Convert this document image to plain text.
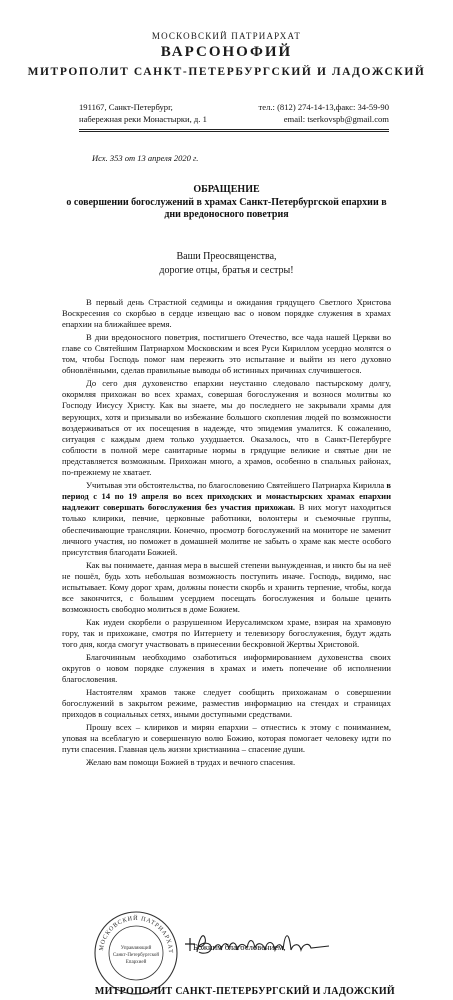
МОСКОВСКИЙ ПАТРИАРХАТ
ВАРСОНОФИЙ
МИТРОПОЛИТ САНКТ-ПЕТЕРБУРГСКИЙ И ЛАДОЖСКИЙ
191167, Санкт-Петербург,
набережная реки Монастырки, д. 1
тел.: (812) 274-14-13,факс: 34-59-90
email: tserkovspb@gmail.com
Исх. 353 от 13 апреля 2020 г.
ОБРАЩЕНИЕ
о совершении богослужений в храмах Санкт-Петербургской епархии в дни вредоносного поветрия
Ваши Преосвященства,
дорогие отцы, братья и сестры!

В первый день Страстной седмицы и ожидания грядущего Светлого Христова Воскресения со скорбью в сердце извещаю вас о новом порядке служения в храмах епархии на ближайшее время.

В дни вредоносного поветрия, постигшего Отечество, все чада нашей Церкви во главе со Святейшим Патриархом Московским и всея Руси Кириллом усердно молятся о том, чтобы Господь помог нам пережить это испытание и выйти из него духовно обновлёнными, сделав правильные выводы об истинных причинах случившегося.

До сего дня духовенство епархии неустанно следовало пастырскому долгу, окормляя прихожан во всех храмах, совершая богослужения и вознося молитвы ко Господу Иисусу Христу. Как вы знаете, мы до последнего не закрывали храмы для верующих, хотя и призывали во избежание большого скопления людей по возможности воздерживаться от их посещения в надежде, что эпидемия умалится. К сожалению, ситуация с каждым днем только ухудшается. Оказалось, что в Санкт-Петербурге соблюсти в полной мере санитарные нормы в грядущие великие и святые дни не представляется возможным. Прихожан много, а храмов, особенно в спальных районах, по-прежнему не хватает.

Учитывая эти обстоятельства, по благословению Святейшего Патриарха Кирилла в период с 14 по 19 апреля во всех приходских и монастырских храмах епархии надлежит совершать богослужения без участия прихожан. В них могут находиться только клирики, певчие, церковные работники, волонтеры и съемочные группы, обеспечивающие трансляции. Конечно, просмотр богослужений на мониторе не заменит личного участия, но поможет в домашней молитве не забыть о храме как месте особого присутствия благодати Божией.

Как вы понимаете, данная мера в высшей степени вынужденная, и никто бы на неё не пошёл, будь хоть небольшая возможность поступить иначе. Господь, видимо, нас испытывает. Кому дорог храм, должны понести скорбь и хранить терпение, чтобы, когда все закончится, с большим усердием посещать богослужения и больше ценить возможность свободно молиться в доме Божием.

Как иудеи скорбели о разрушенном Иерусалимском храме, взирая на храмовую гору, так и прихожане, смотря по Интернету и телевизору богослужения, будут ждать того дня, когда смогут участвовать в принесении бескровной Жертвы Христовой.

Благочинным необходимо озаботиться информированием духовенства своих округов о новом порядке служения в храмах и иметь попечение об исполнении благословения.

Настоятелям храмов также следует сообщить прихожанам о совершении богослужений в закрытом режиме, разместив информацию на стендах и страницах приходов в социальных сетях, иными доступными средствами.

Прошу всех – клириков и мирян епархии – отнестись к этому с пониманием, уповая на всеблагую и совершенную волю Божию, которая помогает человеку идти по пути спасения. Главная цель жизни христианина – спасение души.

Желаю вам помощи Божией в трудах и вечного спасения.

МОСКОВСКИЙ ПАТРИАРХАТ
Управляющий
Санкт-Петербургской
Епархией
Божиим благословением,
МИТРОПОЛИТ САНКТ-ПЕТЕРБУРГСКИЙ И ЛАДОЖСКИЙ
